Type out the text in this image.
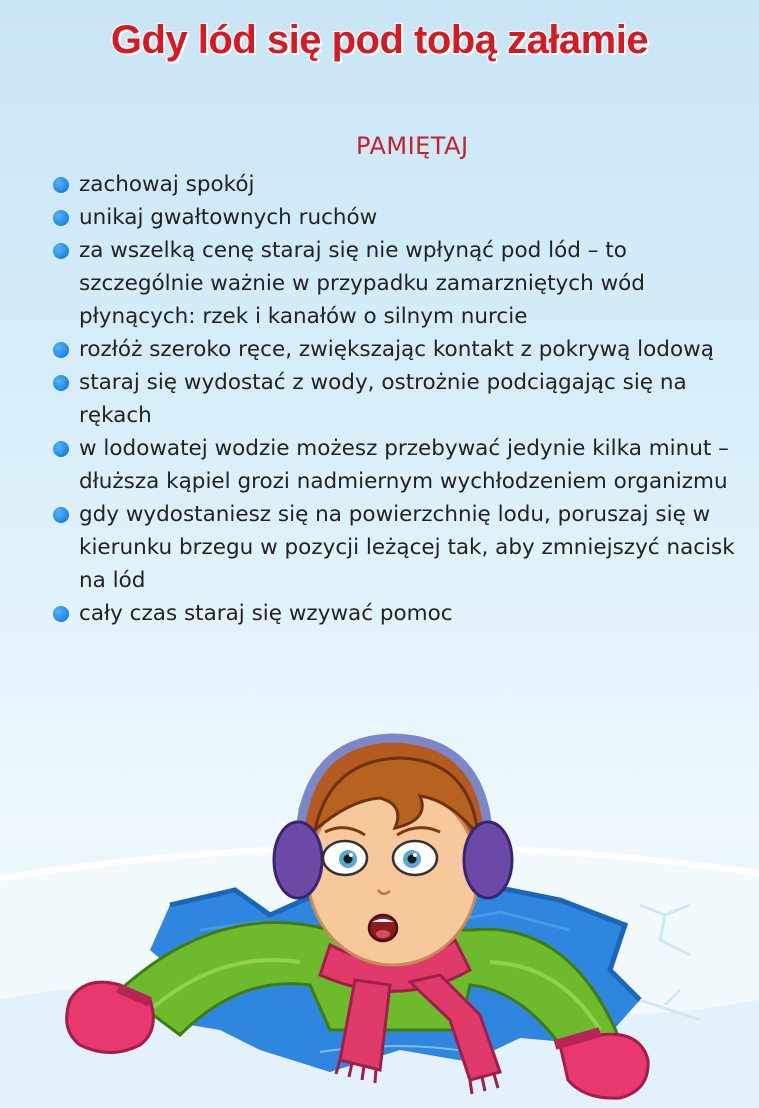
Gdy lód się pod tobą załamie
PAMIĘTAJ
zachowaj spokój
unikaj gwałtownych ruchów
za wszelką cenę staraj się nie wpłynąć pod lód – to szczególnie ważnie w przypadku zamarzniętych wód płynących: rzek i kanałów o silnym nurcie
rozłóż szeroko ręce, zwiększając kontakt z pokrywą lodową
staraj się wydostać z wody, ostrożnie podciągając się na rękach
w lodowatej wodzie możesz przebywać jedynie kilka minut – dłuższa kąpiel grozi nadmiernym wychłodzeniem organizmu
gdy wydostaniesz się na powierzchnię lodu, poruszaj się w kierunku brzegu w pozycji leżącej tak, aby zmniejszyć nacisk na lód
cały czas staraj się wzywać pomoc
